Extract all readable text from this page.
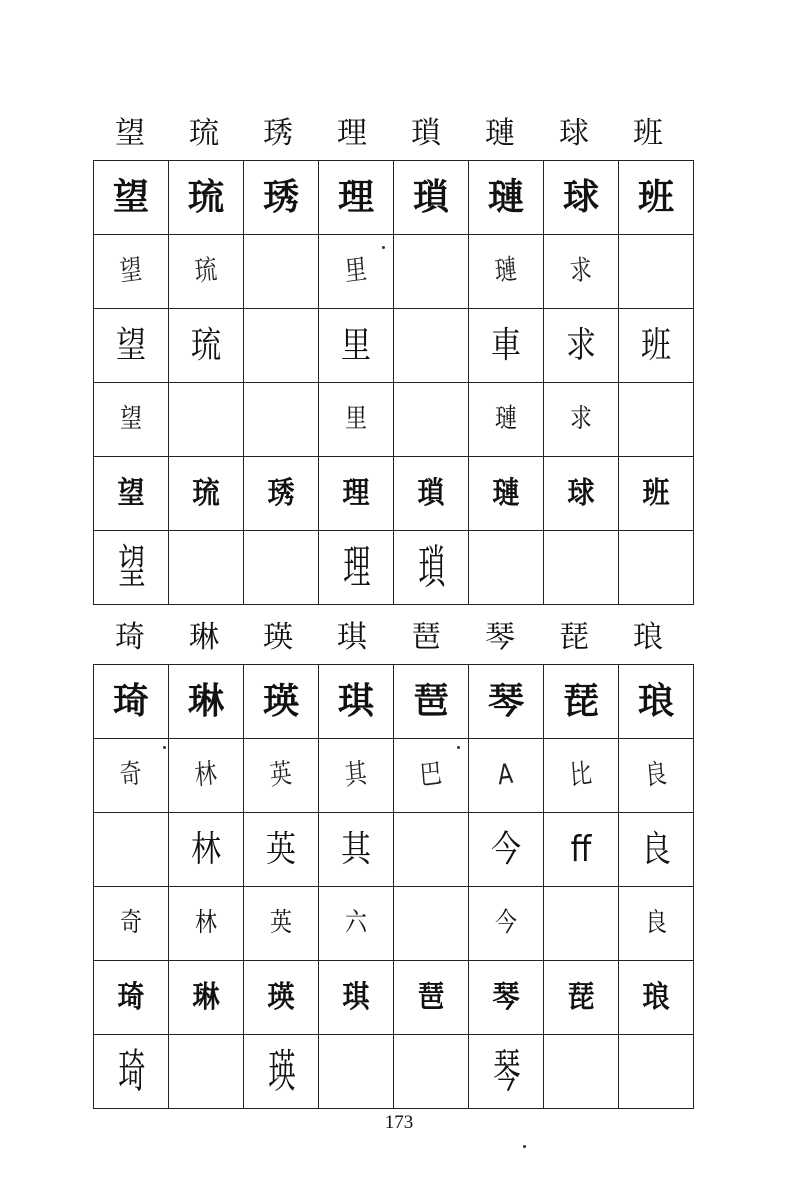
望	琉	琇	理	瑣	璉	球	班
望	琉	琇	理	瑣	璉	球	班
望	琉		里		璉	求	
望	琉		里		車	求	班
望			里		璉	求	
望	琉	琇	理	瑣	璉	球	班
望			理	瑣			
琦	琳	瑛	琪	琶	琴	琵	琅
琦	琳	瑛	琪	琶	琴	琵	琅
奇	林	英	其	巴	A	比	良
	林	英	其		今	ff	良
奇	林	英	六		今		良
琦	琳	瑛	琪	琶	琴	琵	琅
琦		瑛			琴		
173
